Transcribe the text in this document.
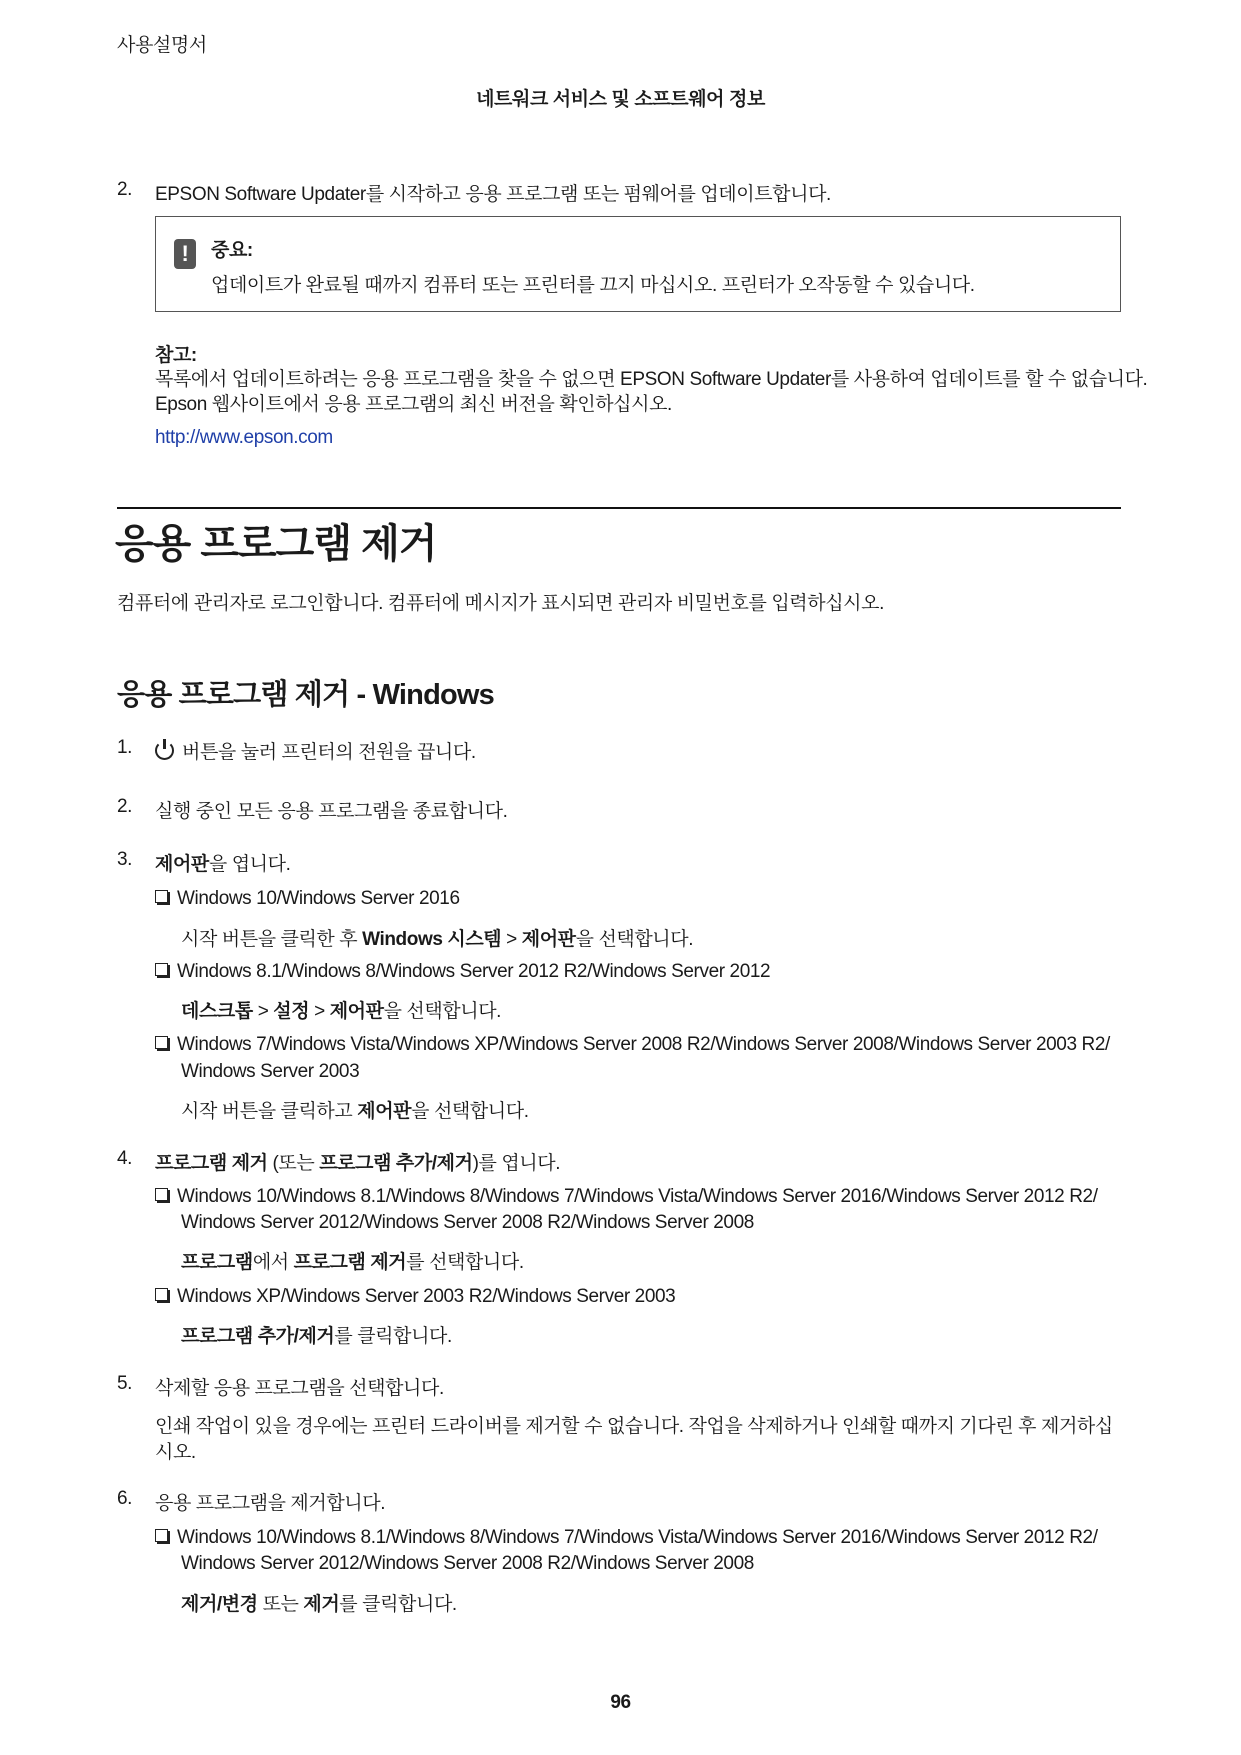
사용설명서
네트워크 서비스 및 소프트웨어 정보
2. EPSON Software Updater를 시작하고 응용 프로그램 또는 펌웨어를 업데이트합니다.
!	중요:
업데이트가 완료될 때까지 컴퓨터 또는 프린터를 끄지 마십시오. 프린터가 오작동할 수 있습니다.
참고:
목록에서 업데이트하려는 응용 프로그램을 찾을 수 없으면 EPSON Software Updater를 사용하여 업데이트를 할 수 없습니다.
Epson 웹사이트에서 응용 프로그램의 최신 버전을 확인하십시오.
http://www.epson.com
응용 프로그램 제거
컴퓨터에 관리자로 로그인합니다. 컴퓨터에 메시지가 표시되면 관리자 비밀번호를 입력하십시오.
응용 프로그램 제거 - Windows
1.	버튼을 눌러 프린터의 전원을 끕니다.
2. 실행 중인 모든 응용 프로그램을 종료합니다.
3. 제어판을 엽니다.
Windows 10/Windows Server 2016
시작 버튼을 클릭한 후 Windows 시스템 > 제어판을 선택합니다.
Windows 8.1/Windows 8/Windows Server 2012 R2/Windows Server 2012
데스크톱 > 설정 > 제어판을 선택합니다.
Windows 7/Windows Vista/Windows XP/Windows Server 2008 R2/Windows Server 2008/Windows Server 2003 R2/
Windows Server 2003
시작 버튼을 클릭하고 제어판을 선택합니다.
4. 프로그램 제거 (또는 프로그램 추가/제거)를 엽니다.
Windows 10/Windows 8.1/Windows 8/Windows 7/Windows Vista/Windows Server 2016/Windows Server 2012 R2/
Windows Server 2012/Windows Server 2008 R2/Windows Server 2008
프로그램에서 프로그램 제거를 선택합니다.
Windows XP/Windows Server 2003 R2/Windows Server 2003
프로그램 추가/제거를 클릭합니다.
5. 삭제할 응용 프로그램을 선택합니다.
인쇄 작업이 있을 경우에는 프린터 드라이버를 제거할 수 없습니다. 작업을 삭제하거나 인쇄할 때까지 기다린 후 제거하십
시오.
6. 응용 프로그램을 제거합니다.
Windows 10/Windows 8.1/Windows 8/Windows 7/Windows Vista/Windows Server 2016/Windows Server 2012 R2/
Windows Server 2012/Windows Server 2008 R2/Windows Server 2008
제거/변경 또는 제거를 클릭합니다.
96
